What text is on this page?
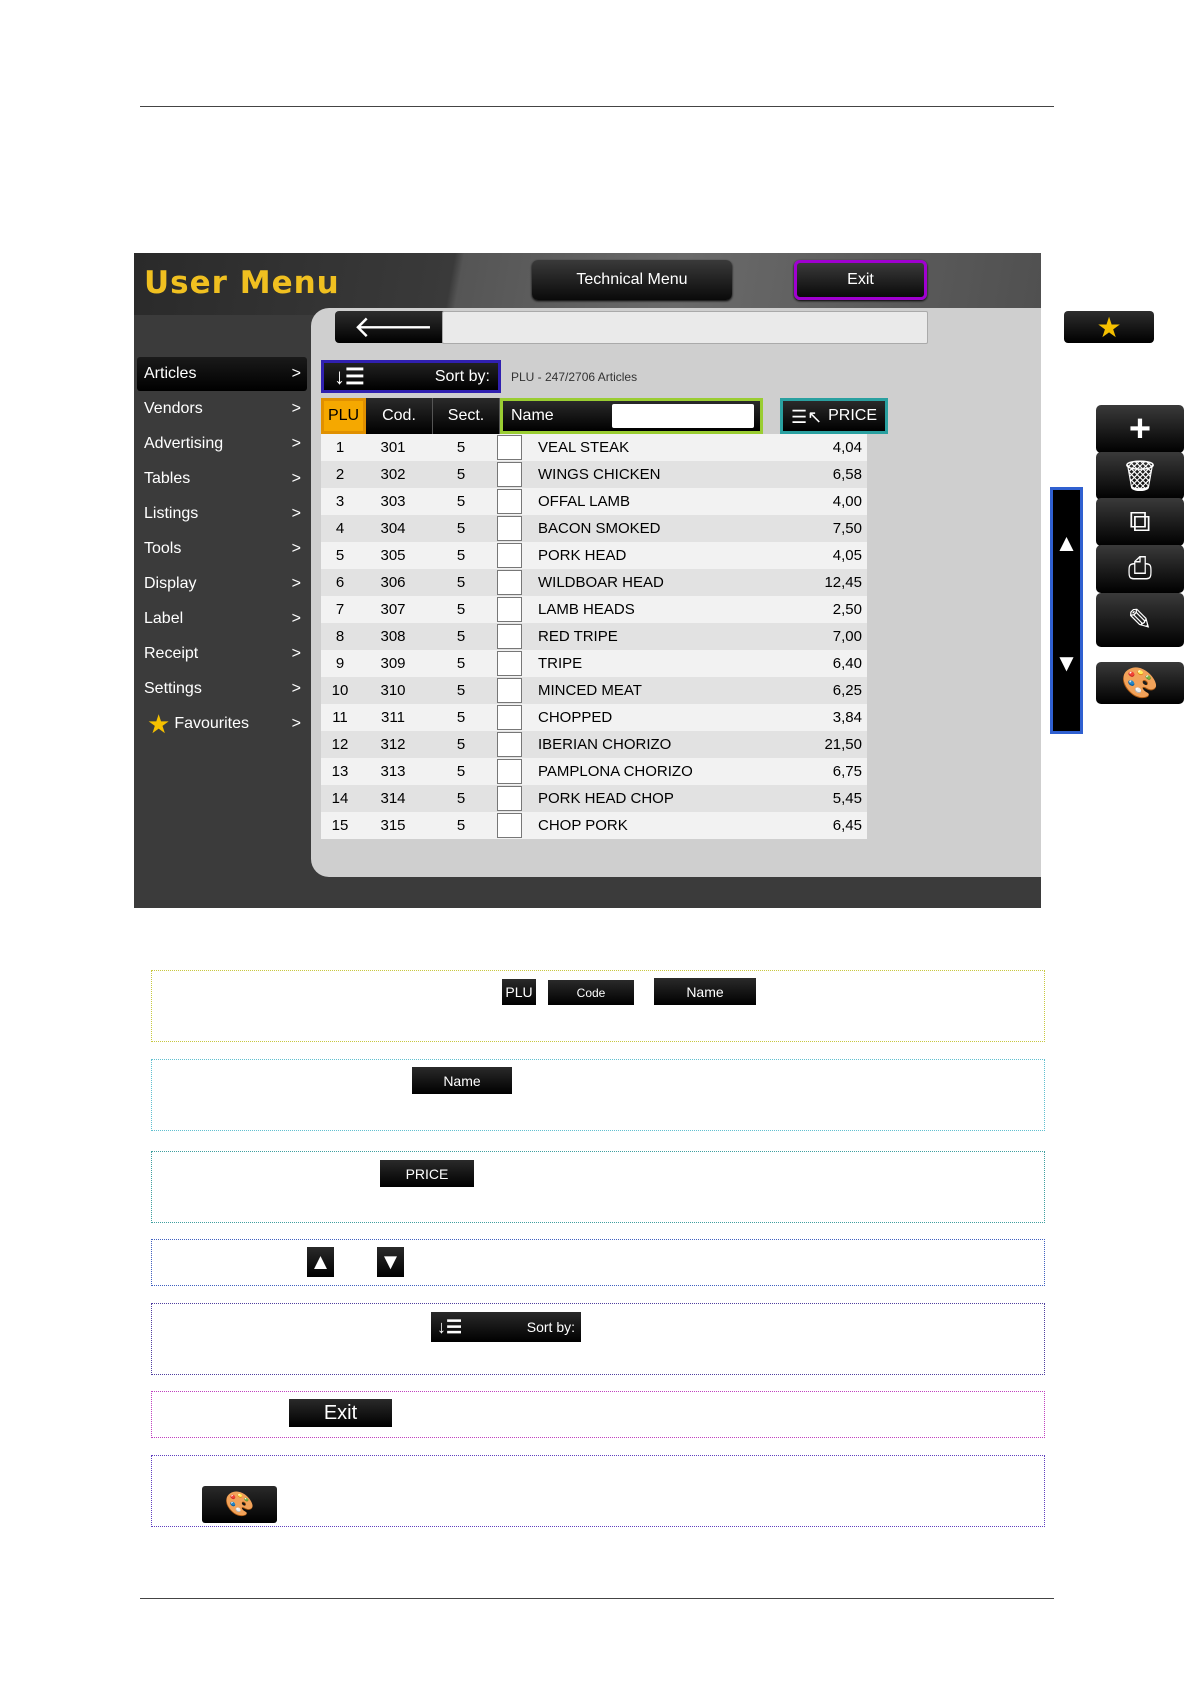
User Menu	Technical Menu	Exit
Articles	>
Vendors	>
Advertising	>
Tables	>
Listings	>
Tools	>
Display	>
Label	>
Receipt	>
Settings	>
★ Favourites	>
🡐	★
↓☰	Sort by: PLU - 247/2706 Articles
PLU	Cod.	Sect.	Name	☰↖ PRICE
1	301	5	VEAL STEAK	4,04
2	302	5	WINGS CHICKEN	6,58
3	303	5	OFFAL LAMB	4,00
4	304	5	BACON SMOKED	7,50
5	305	5	PORK HEAD	4,05
6	306	5	WILDBOAR HEAD	12,45
7	307	5	LAMB HEADS	2,50
8	308	5	RED TRIPE	7,00
9	309	5	TRIPE	6,40
10	310	5	MINCED MEAT	6,25
11	311	5	CHOPPED	3,84
12	312	5	IBERIAN CHORIZO	21,50
13	313	5	PAMPLONA CHORIZO	6,75
14	314	5	PORK HEAD CHOP	5,45
15	315	5	CHOP PORK	6,45
▲
▼
+
🗑
⧉
⎙
✎
🎨
PLU	Code	Name
Name
PRICE
▲ ▼
↓☰	Sort by:
Exit
🎨
